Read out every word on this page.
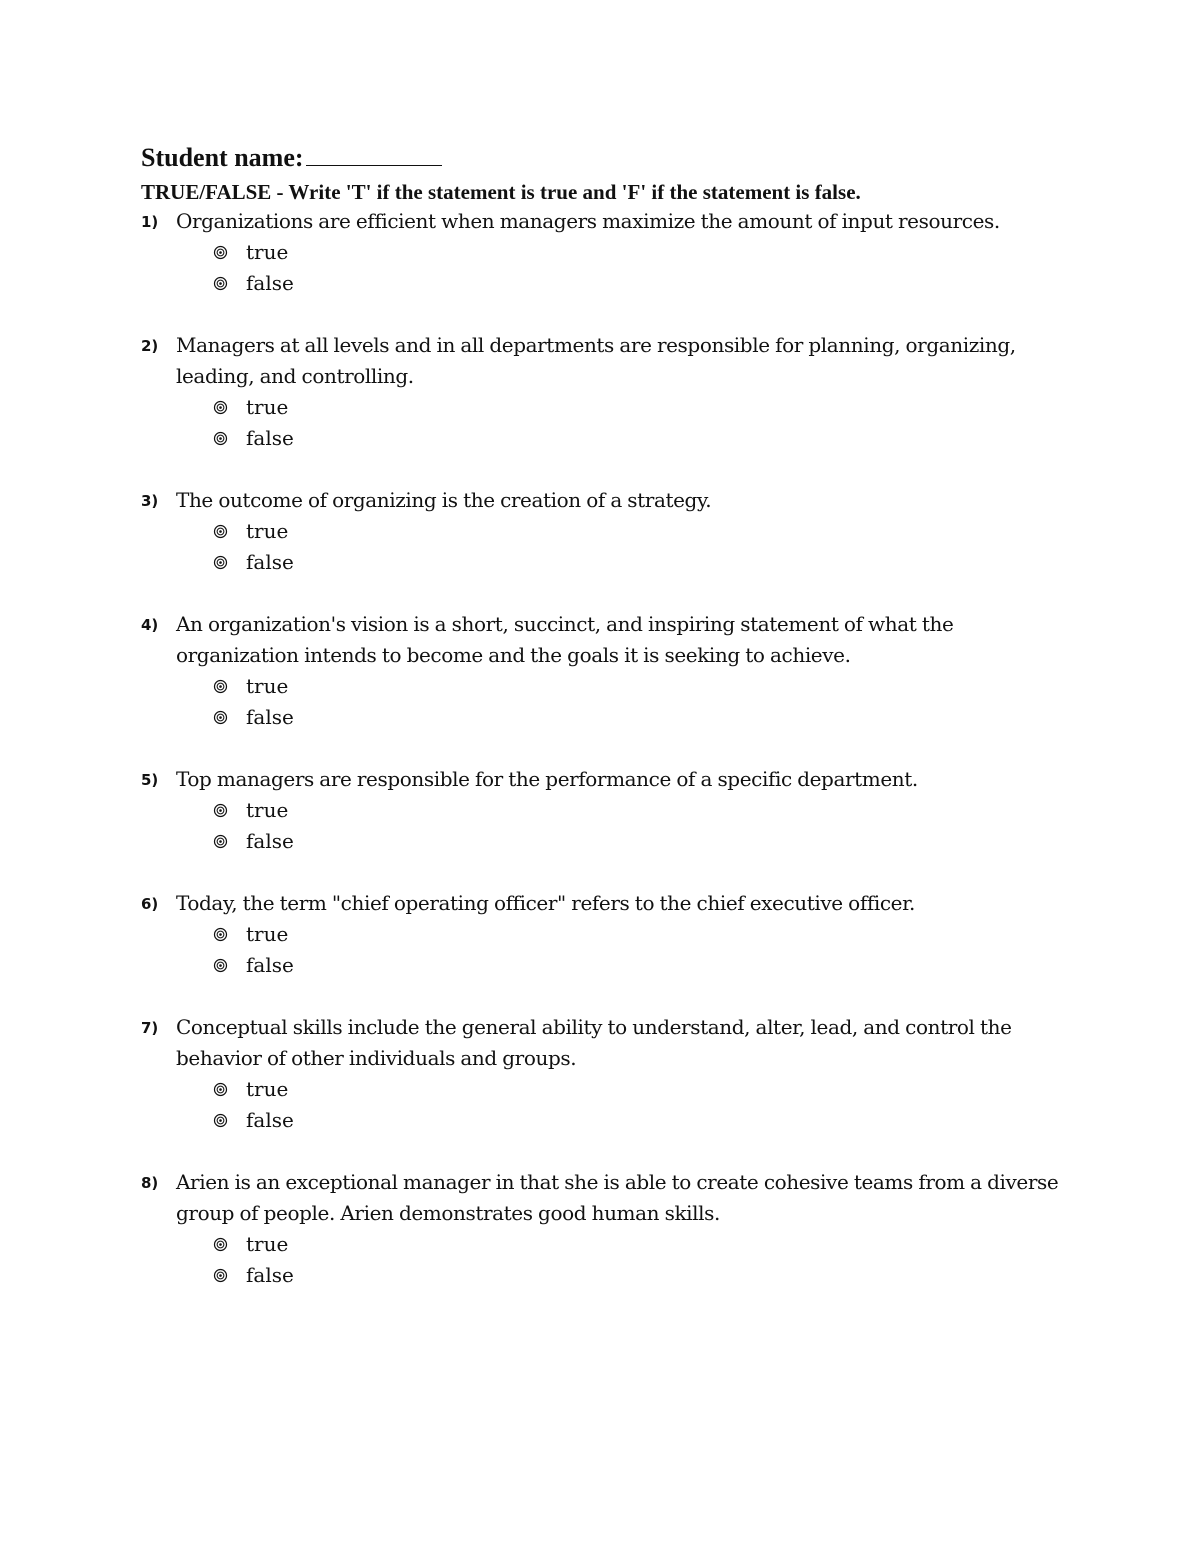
Student name:
TRUE/FALSE - Write 'T' if the statement is true and 'F' if the statement is false.
1) Organizations are efficient when managers maximize the amount of input resources.
true
false
2) Managers at all levels and in all departments are responsible for planning, organizing, leading, and controlling.
true
false
3) The outcome of organizing is the creation of a strategy.
true
false
4) An organization's vision is a short, succinct, and inspiring statement of what the organization intends to become and the goals it is seeking to achieve.
true
false
5) Top managers are responsible for the performance of a specific department.
true
false
6) Today, the term "chief operating officer" refers to the chief executive officer.
true
false
7) Conceptual skills include the general ability to understand, alter, lead, and control the behavior of other individuals and groups.
true
false
8) Arien is an exceptional manager in that she is able to create cohesive teams from a diverse group of people. Arien demonstrates good human skills.
true
false
